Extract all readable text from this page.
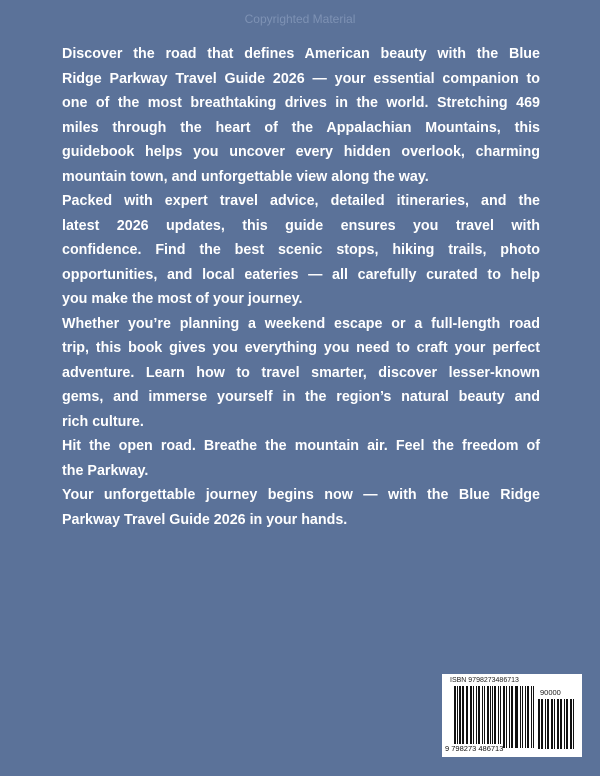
Copyrighted Material
Discover the road that defines American beauty with the Blue
Ridge Parkway Travel Guide 2026 — your essential companion to
one of the most breathtaking drives in the world. Stretching 469
miles through the heart of the Appalachian Mountains, this
guidebook helps you uncover every hidden overlook, charming
mountain town, and unforgettable view along the way.
Packed with expert travel advice, detailed itineraries, and the
latest 2026 updates, this guide ensures you travel with
confidence. Find the best scenic stops, hiking trails, photo
opportunities, and local eateries — all carefully curated to help
you make the most of your journey.
Whether you’re planning a weekend escape or a full-length road
trip, this book gives you everything you need to craft your perfect
adventure. Learn how to travel smarter, discover lesser-known
gems, and immerse yourself in the region’s natural beauty and
rich culture.
Hit the open road. Breathe the mountain air. Feel the freedom of
the Parkway.
Your unforgettable journey begins now — with the Blue Ridge
Parkway Travel Guide 2026 in your hands.
ISBN 9798273486713
90000
9 798273 486713
